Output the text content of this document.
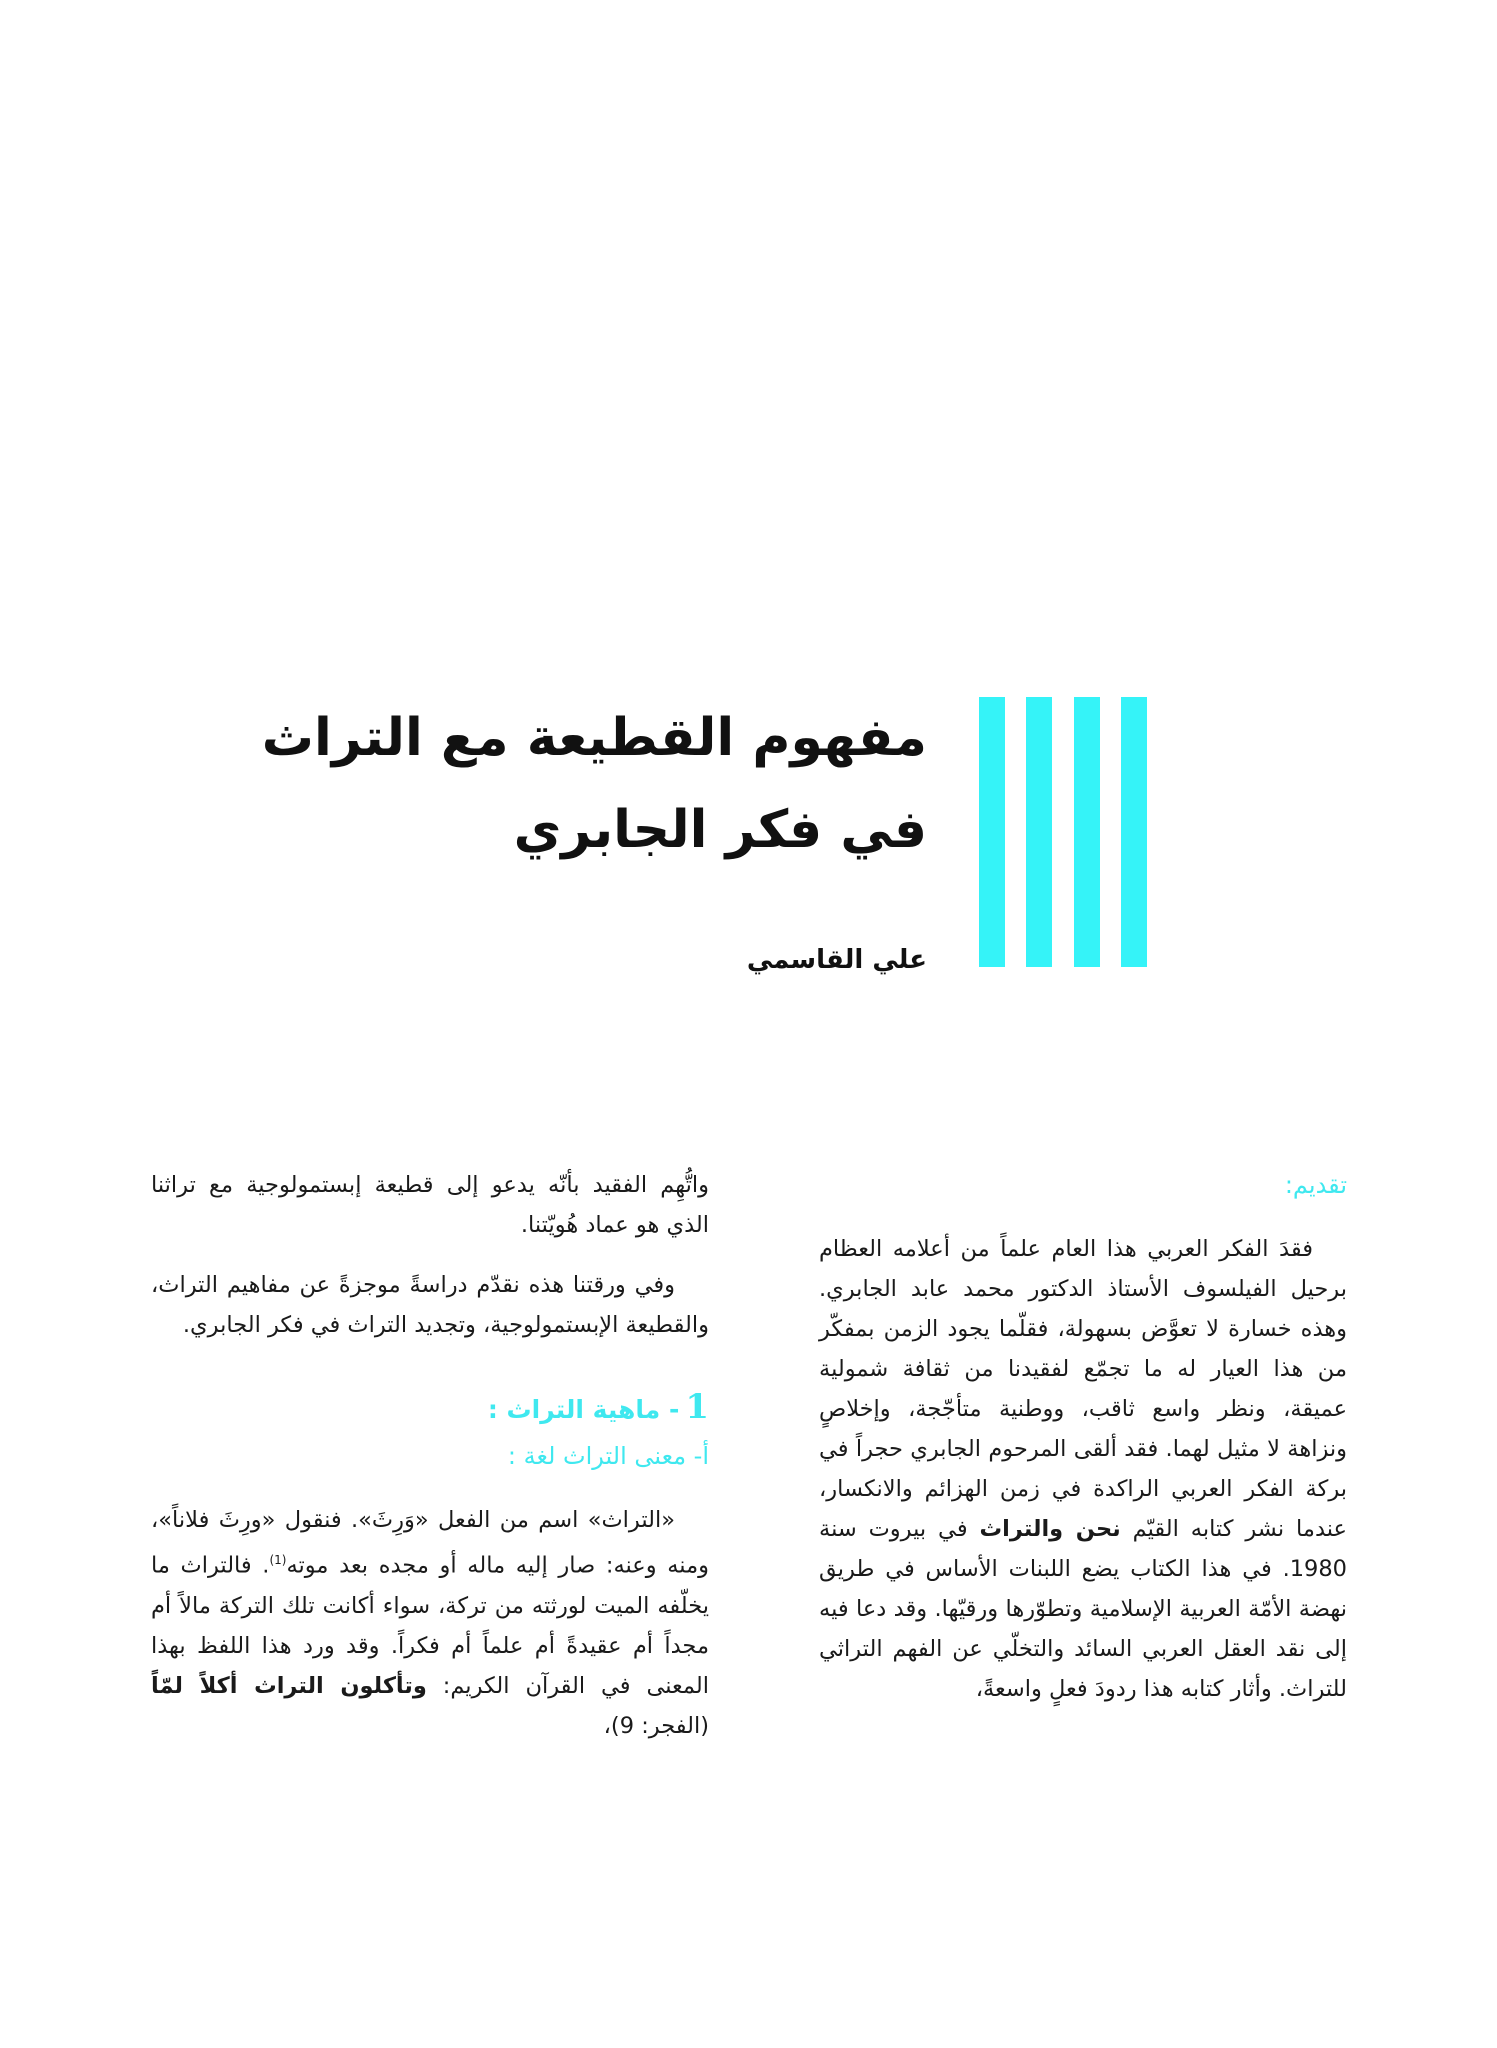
مفهوم القطيعة مع التراث

في فكر الجابري

علي القاسمي

تقديم:

فقدَ الفكر العربي هذا العام علماً من أعلامه العظام برحيل الفيلسوف الأستاذ الدكتور محمد عابد الجابري. وهذه خسارة لا تعوَّض بسهولة، فقلّما يجود الزمن بمفكّر من هذا العيار له ما تجمّع لفقيدنا من ثقافة شمولية عميقة، ونظر واسع ثاقب، ووطنية متأجّجة، وإخلاصٍ ونزاهة لا مثيل لهما. فقد ألقى المرحوم الجابري حجراً في بركة الفكر العربي الراكدة في زمن الهزائم والانكسار، عندما نشر كتابه القيّم نحن والتراث في بيروت سنة 1980. في هذا الكتاب يضع اللبنات الأساس في طريق نهضة الأمّة العربية الإسلامية وتطوّرها ورقيّها. وقد دعا فيه إلى نقد العقل العربي السائد والتخلّي عن الفهم التراثي للتراث. وأثار كتابه هذا ردودَ فعلٍ واسعةً،

واتُّهِم الفقيد بأنّه يدعو إلى قطيعة إبستمولوجية مع تراثنا الذي هو عماد هُويّتنا.

وفي ورقتنا هذه نقدّم دراسةً موجزةً عن مفاهيم التراث، والقطيعة الإبستمولوجية، وتجديد التراث في فكر الجابري.

1- ماهية التراث :

أ- معنى التراث لغة :

«التراث» اسم من الفعل «وَرِثَ». فنقول «ورِثَ فلاناً»، ومنه وعنه: صار إليه ماله أو مجده بعد موته$^{(1)}$. فالتراث ما يخلّفه الميت لورثته من تركة، سواء أكانت تلك التركة مالاً أم مجداً أم عقيدةً أم علماً أم فكراً. وقد ورد هذا اللفظ بهذا المعنى في القرآن الكريم: وتأكلون التراث أكلاً لمّاً (الفجر: 9)،
